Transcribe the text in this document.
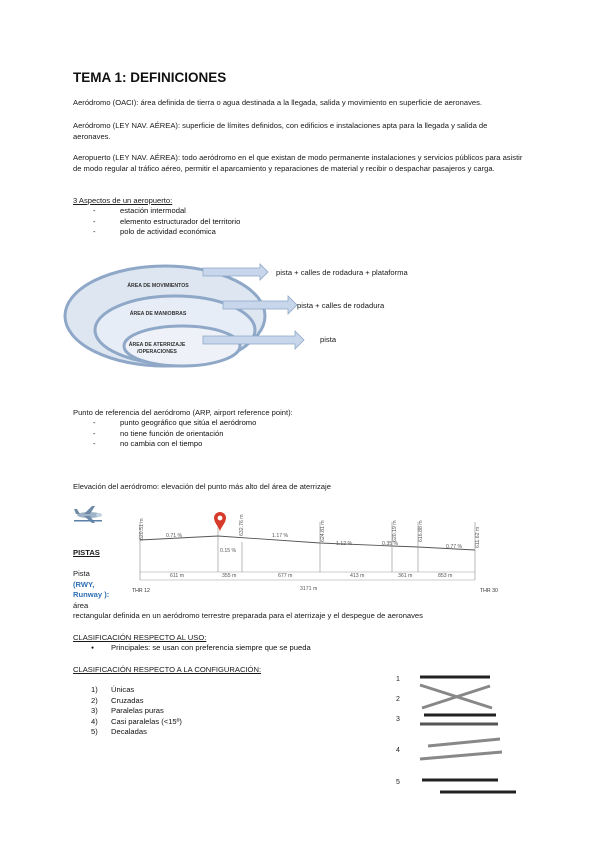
TEMA 1: DEFINICIONES
Aeródromo (OACI): área definida de tierra o agua destinada a la llegada, salida y movimiento en superficie de aeronaves.
Aeródromo (LEY NAV. AÉREA): superficie de límites definidos, con edificios e instalaciones apta para la llegada y salida de aeronaves.
Aeropuerto (LEY NAV. AÉREA): todo aeródromo en el que existan de modo permanente instalaciones y servicios públicos para asistir de modo regular al tráfico aéreo, permitir el aparcamiento y reparaciones de material y recibir o despachar pasajeros y carga.
3 Aspectos de un aeropuerto:
- estación intermodal
- elemento estructurador del territorio
- polo de actividad económica
ÁREA DE MOVIMIENTOS
ÁREA DE MANIOBRAS
ÁREA DE ATERRIZAJE /OPERACIONES
pista + calles de rodadura + plataforma
pista + calles de rodadura
pista
Punto de referencia del aeródromo (ARP, airport reference point):
- punto geográfico que sitúa el aeródromo
- no tiene función de orientación
- no cambia con el tiempo
Elevación del aeródromo: elevación del punto más alto del área de aterrizaje
620.51 m	632.76 m	624.81 m	620.19 m	616.88 m	611.62 m
0.71 %
0.15 %
1.17 %
1.12 %	0.35 %	0.77 %
611 m	355 m	677 m	413 m	361 m	853 m
3171 m
THR 12	THR 30
PISTAS
Pista
(RWY,
Runway ):
área
rectangular definida en un aeródromo terrestre preparada para el aterrizaje y el despegue de aeronaves
CLASIFICACIÓN RESPECTO AL USO:
● Principales: se usan con preferencia siempre que se pueda
CLASIFICACIÓN RESPECTO A LA CONFIGURACIÓN:
1) Únicas
2) Cruzadas
3) Paralelas puras
4) Casi paralelas (<15º)
5) Decaladas
1
2
3
4
5
